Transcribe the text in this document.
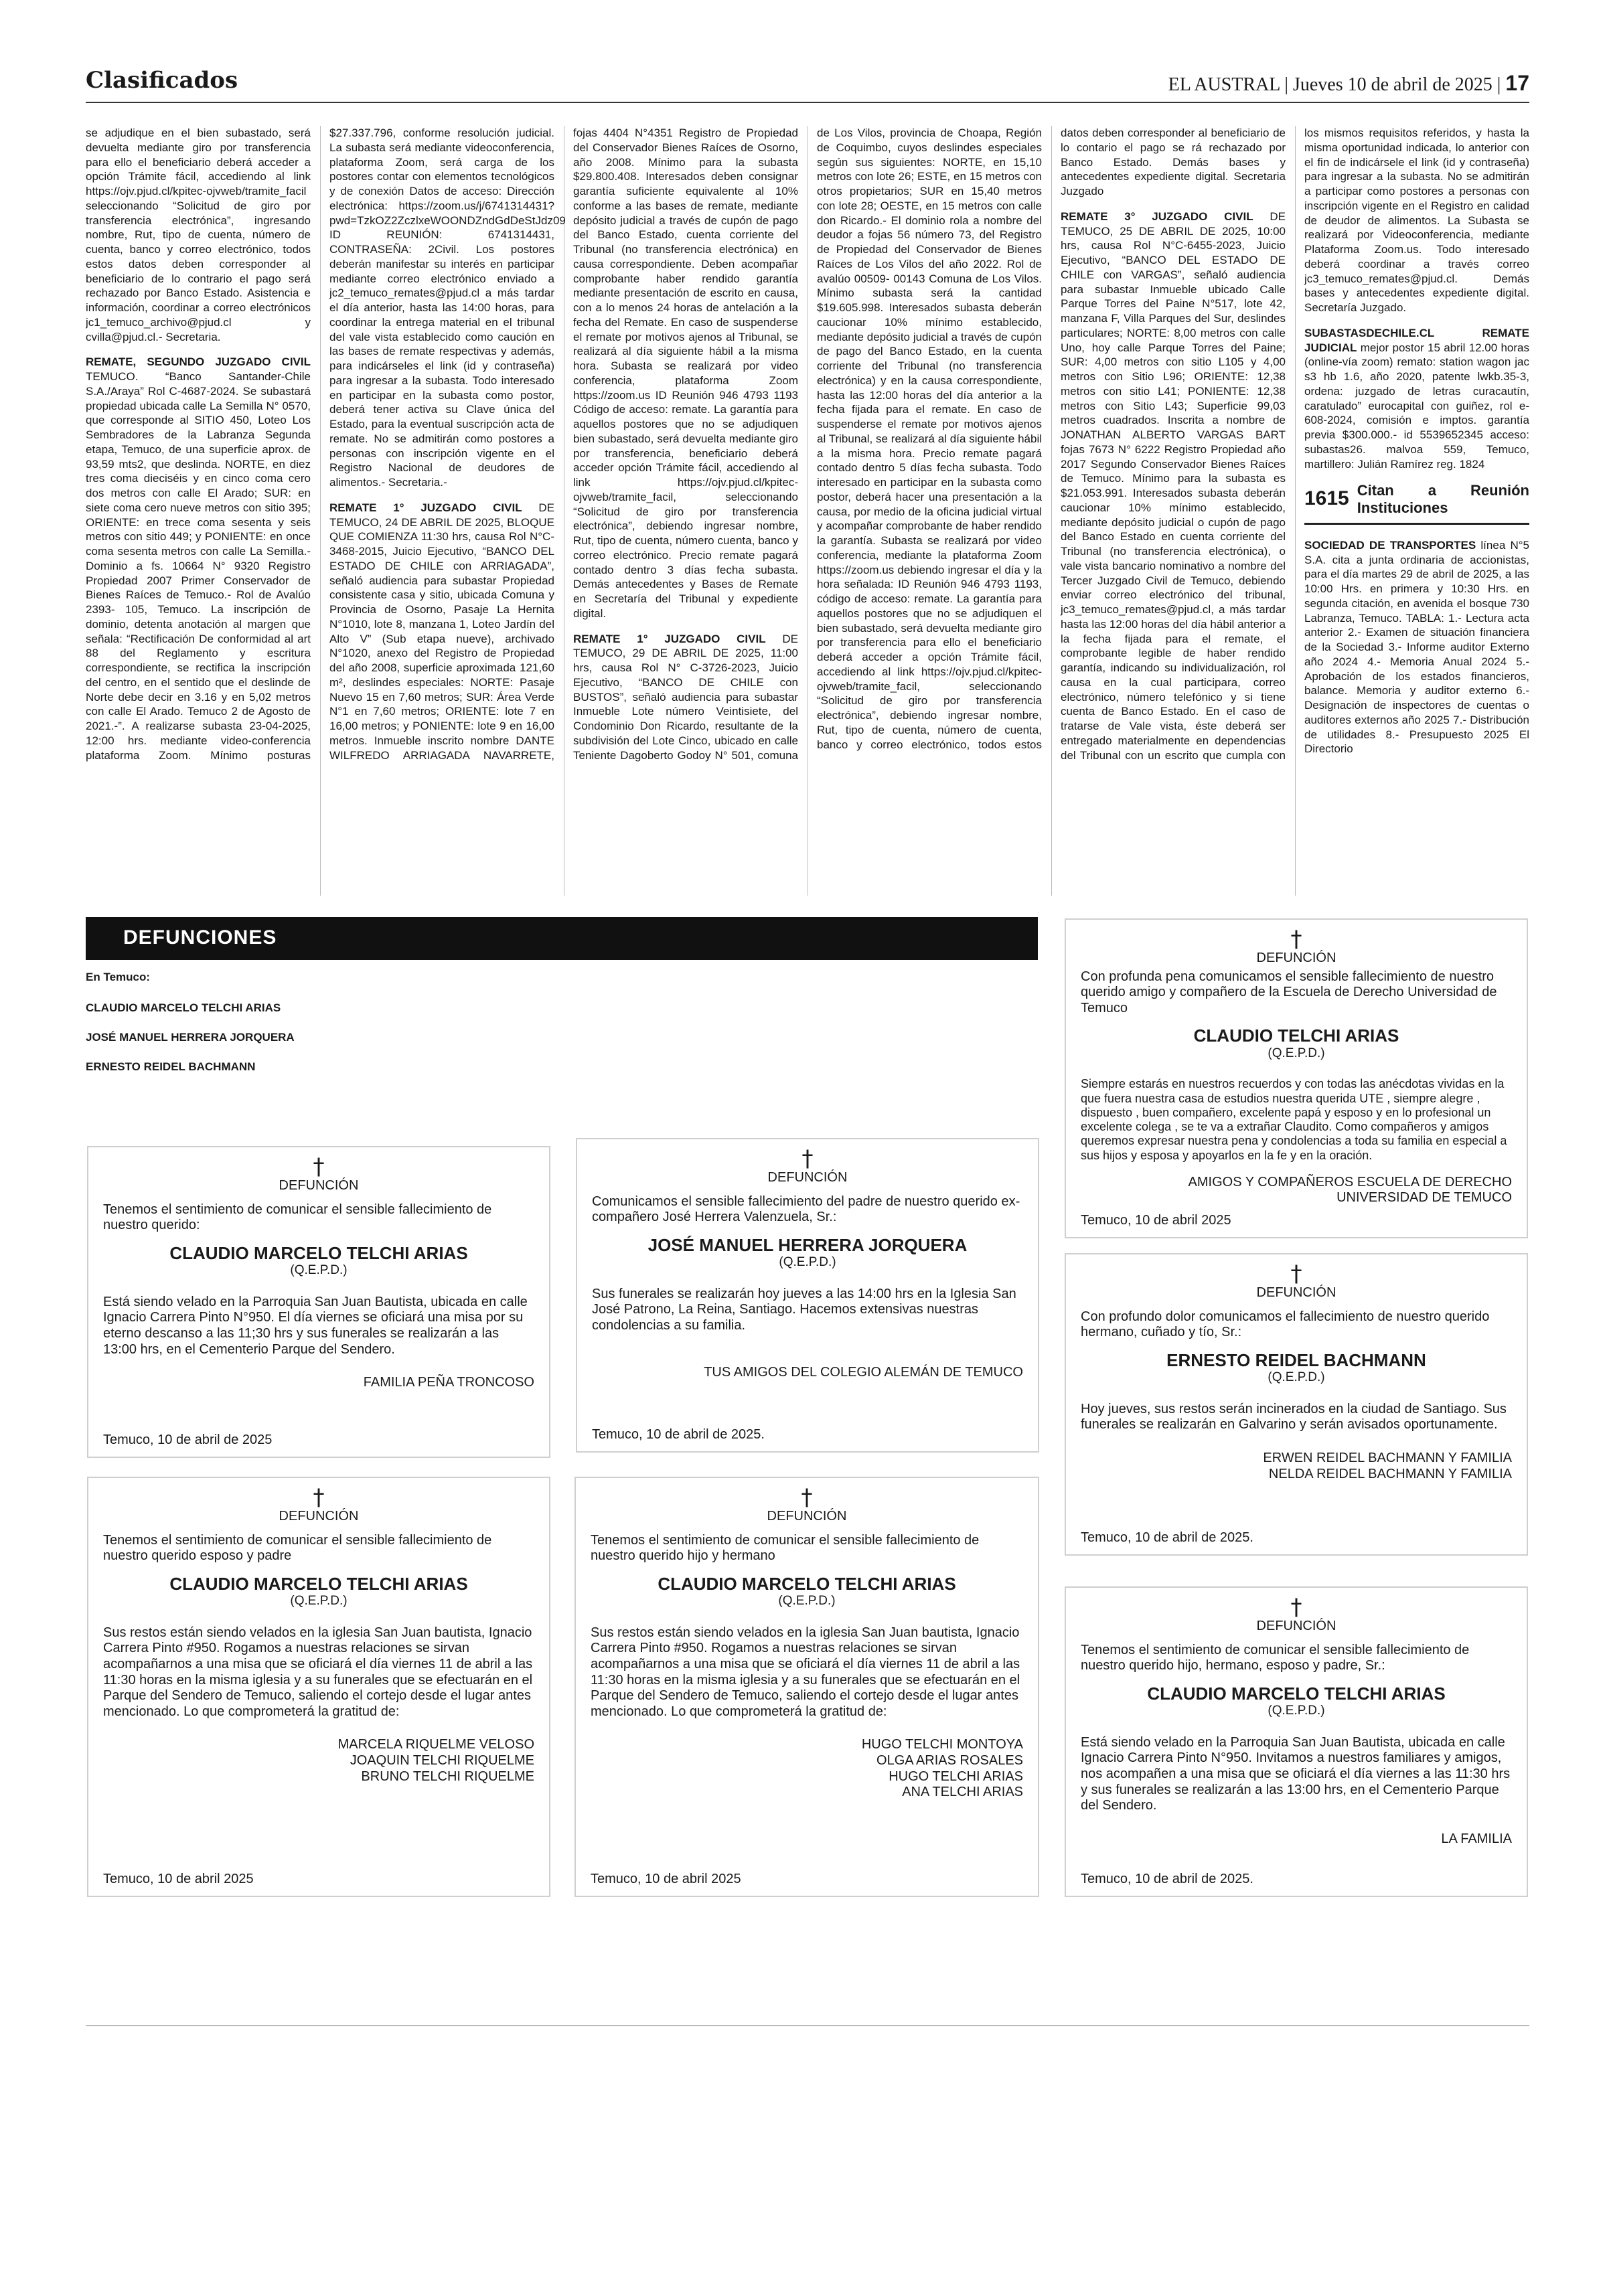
Clasificados	EL AUSTRAL | Jueves 10 de abril de 2025 | 17
se adjudique en el bien subastado, será devuelta mediante giro por transferencia para ello el beneficiario deberá acceder a opción Trámite fácil, accediendo al link https://ojv.pjud.cl/kpitec-ojvweb/tramite_facil seleccionando “Solicitud de giro por transferencia electrónica”, ingresando nombre, Rut, tipo de cuenta, número de cuenta, banco y correo electrónico, todos estos datos deben corresponder al beneficiario de lo contrario el pago será rechazado por Banco Estado. Asistencia e información, coordinar a correo electrónicos jc1_temuco_archivo@pjud.cl y cvilla@pjud.cl.- Secretaria.
REMATE, SEGUNDO JUZGADO CIVIL TEMUCO. “Banco Santander-Chile S.A./Araya” Rol C-4687-2024. Se subastará propiedad ubicada calle La Semilla N° 0570, que corresponde al SITIO 450, Loteo Los Sembradores de la Labranza Segunda etapa, Temuco, de una superficie aprox. de 93,59 mts2, que deslinda. NORTE, en diez tres coma dieciséis y en cinco coma cero dos metros con calle El Arado; SUR: en siete coma cero nueve metros con sitio 395; ORIENTE: en trece coma sesenta y seis metros con sitio 449; y PONIENTE: en once coma sesenta metros con calle La Semilla.- Dominio a fs. 10664 N° 9320 Registro Propiedad 2007 Primer Conservador de Bienes Raíces de Temuco.- Rol de Avalúo 2393- 105, Temuco. La inscripción de dominio, detenta anotación al margen que señala: “Rectificación De conformidad al art 88 del Reglamento y escritura correspondiente, se rectifica la inscripción del centro, en el sentido que el deslinde de Norte debe decir en 3.16 y en 5,02 metros con calle El Arado. Temuco 2 de Agosto de 2021.-”. A realizarse subasta 23-04-2025, 12:00 hrs. mediante video-conferencia plataforma Zoom. Mínimo posturas $27.337.796, conforme resolución judicial. La subasta será mediante videoconferencia, plataforma Zoom, será carga de los postores contar con elementos tecnológicos y de conexión Datos de acceso: Dirección electrónica: https://zoom.us/j/6741314431?pwd=TzkOZ2ZczlxeWOONDZndGdDeStJdz09 ID REUNIÓN: 6741314431, CONTRASEÑA: 2Civil. Los postores deberán manifestar su interés en participar mediante correo electrónico enviado a jc2_temuco_remates@pjud.cl a más tardar el día anterior, hasta las 14:00 horas, para coordinar la entrega material en el tribunal del vale vista establecido como caución en las bases de remate respectivas y además, para indicárseles el link (id y contraseña) para ingresar a la subasta. Todo interesado en participar en la subasta como postor, deberá tener activa su Clave única del Estado, para la eventual suscripción acta de remate. No se admitirán como postores a personas con inscripción vigente en el Registro Nacional de deudores de alimentos.- Secretaria.-
REMATE 1° JUZGADO CIVIL DE TEMUCO, 24 DE ABRIL DE 2025, BLOQUE QUE COMIENZA 11:30 hrs, causa Rol N°C-3468-2015, Juicio Ejecutivo, “BANCO DEL ESTADO DE CHILE con ARRIAGADA”, señaló audiencia para subastar Propiedad consistente casa y sitio, ubicada Comuna y Provincia de Osorno, Pasaje La Hernita N°1010, lote 8, manzana 1, Loteo Jardín del Alto V” (Sub etapa nueve), archivado N°1020, anexo del Registro de Propiedad del año 2008, superficie aproximada 121,60 m², deslindes especiales: NORTE: Pasaje Nuevo 15 en 7,60 metros; SUR: Área Verde N°1 en 7,60 metros; ORIENTE: lote 7 en 16,00 metros; y PONIENTE: lote 9 en 16,00 metros. Inmueble inscrito nombre DANTE WILFREDO ARRIAGADA NAVARRETE, fojas 4404 N°4351 Registro de Propiedad del Conservador Bienes Raíces de Osorno, año 2008. Mínimo para la subasta $29.800.408. Interesados deben consignar garantía suficiente equivalente al 10% conforme a las bases de remate, mediante depósito judicial a través de cupón de pago del Banco Estado, cuenta corriente del Tribunal (no transferencia electrónica) en causa correspondiente. Deben acompañar comprobante haber rendido garantía mediante presentación de escrito en causa, con a lo menos 24 horas de antelación a la fecha del Remate. En caso de suspenderse el remate por motivos ajenos al Tribunal, se realizará al día siguiente hábil a la misma hora. Subasta se realizará por video conferencia, plataforma Zoom https://zoom.us ID Reunión 946 4793 1193 Código de acceso: remate. La garantía para aquellos postores que no se adjudiquen bien subastado, será devuelta mediante giro por transferencia, beneficiario deberá acceder opción Trámite fácil, accediendo al link https://ojv.pjud.cl/kpitec-ojvweb/tramite_facil, seleccionando “Solicitud de giro por transferencia electrónica”, debiendo ingresar nombre, Rut, tipo de cuenta, número cuenta, banco y correo electrónico. Precio remate pagará contado dentro 3 días fecha subasta. Demás antecedentes y Bases de Remate en Secretaría del Tribunal y expediente digital.
REMATE 1° JUZGADO CIVIL DE TEMUCO, 29 DE ABRIL DE 2025, 11:00 hrs, causa Rol N° C-3726-2023, Juicio Ejecutivo, “BANCO DE CHILE con BUSTOS”, señaló audiencia para subastar Inmueble Lote número Veintisiete, del Condominio Don Ricardo, resultante de la subdivisión del Lote Cinco, ubicado en calle Teniente Dagoberto Godoy N° 501, comuna de Los Vilos, provincia de Choapa, Región de Coquimbo, cuyos deslindes especiales según sus siguientes: NORTE, en 15,10 metros con lote 26; ESTE, en 15 metros con otros propietarios; SUR en 15,40 metros con lote 28; OESTE, en 15 metros con calle don Ricardo.- El dominio rola a nombre del deudor a fojas 56 número 73, del Registro de Propiedad del Conservador de Bienes Raíces de Los Vilos del año 2022. Rol de avalúo 00509- 00143 Comuna de Los Vilos. Mínimo subasta será la cantidad $19.605.998. Interesados subasta deberán caucionar 10% mínimo establecido, mediante depósito judicial a través de cupón de pago del Banco Estado, en la cuenta corriente del Tribunal (no transferencia electrónica) y en la causa correspondiente, hasta las 12:00 horas del día anterior a la fecha fijada para el remate. En caso de suspenderse el remate por motivos ajenos al Tribunal, se realizará al día siguiente hábil a la misma hora. Precio remate pagará contado dentro 5 días fecha subasta. Todo interesado en participar en la subasta como postor, deberá hacer una presentación a la causa, por medio de la oficina judicial virtual y acompañar comprobante de haber rendido la garantía. Subasta se realizará por video conferencia, mediante la plataforma Zoom https://zoom.us debiendo ingresar el día y la hora señalada: ID Reunión 946 4793 1193, código de acceso: remate. La garantía para aquellos postores que no se adjudiquen el bien subastado, será devuelta mediante giro por transferencia para ello el beneficiario deberá acceder a opción Trámite fácil, accediendo al link https://ojv.pjud.cl/kpitec-ojvweb/tramite_facil, seleccionando “Solicitud de giro por transferencia electrónica”, debiendo ingresar nombre, Rut, tipo de cuenta, número de cuenta, banco y correo electrónico, todos estos datos deben corresponder al beneficiario de lo contario el pago se rá rechazado por Banco Estado. Demás bases y antecedentes expediente digital. Secretaria Juzgado
REMATE 3° JUZGADO CIVIL DE TEMUCO, 25 DE ABRIL DE 2025, 10:00 hrs, causa Rol N°C-6455-2023, Juicio Ejecutivo, “BANCO DEL ESTADO DE CHILE con VARGAS”, señaló audiencia para subastar Inmueble ubicado Calle Parque Torres del Paine N°517, lote 42, manzana F, Villa Parques del Sur, deslindes particulares; NORTE: 8,00 metros con calle Uno, hoy calle Parque Torres del Paine; SUR: 4,00 metros con sitio L105 y 4,00 metros con Sitio L96; ORIENTE: 12,38 metros con sitio L41; PONIENTE: 12,38 metros con Sitio L43; Superficie 99,03 metros cuadrados. Inscrita a nombre de JONATHAN ALBERTO VARGAS BART fojas 7673 N° 6222 Registro Propiedad año 2017 Segundo Conservador Bienes Raíces de Temuco. Mínimo para la subasta es $21.053.991. Interesados subasta deberán caucionar 10% mínimo establecido, mediante depósito judicial o cupón de pago del Banco Estado en cuenta corriente del Tribunal (no transferencia electrónica), o vale vista bancario nominativo a nombre del Tercer Juzgado Civil de Temuco, debiendo enviar correo electrónico del tribunal, jc3_temuco_remates@pjud.cl, a más tardar hasta las 12:00 horas del día hábil anterior a la fecha fijada para el remate, el comprobante legible de haber rendido garantía, indicando su individualización, rol causa en la cual participara, correo electrónico, número telefónico y si tiene cuenta de Banco Estado. En el caso de tratarse de Vale vista, éste deberá ser entregado materialmente en dependencias del Tribunal con un escrito que cumpla con los mismos requisitos referidos, y hasta la misma oportunidad indicada, lo anterior con el fin de indicársele el link (id y contraseña) para ingresar a la subasta. No se admitirán a participar como postores a personas con inscripción vigente en el Registro en calidad de deudor de alimentos. La Subasta se realizará por Videoconferencia, mediante Plataforma Zoom.us. Todo interesado deberá coordinar a través correo jc3_temuco_remates@pjud.cl. Demás bases y antecedentes expediente digital. Secretaría Juzgado.
SUBASTASDECHILE.CL REMATE JUDICIAL mejor postor 15 abril 12.00 horas (online-vía zoom) remato: station wagon jac s3 hb 1.6, año 2020, patente lwkb.35-3, ordena: juzgado de letras curacautín, caratulado” eurocapital con guiñez, rol e-608-2024, comisión e imptos. garantía previa $300.000.- id 5539652345 acceso: subastas26. malvoa 559, Temuco, martillero: Julián Ramírez reg. 1824
1615 Citan a Reunión Instituciones
SOCIEDAD DE TRANSPORTES línea N°5 S.A. cita a junta ordinaria de accionistas, para el día martes 29 de abril de 2025, a las 10:00 Hrs. en primera y 10:30 Hrs. en segunda citación, en avenida el bosque 730 Labranza, Temuco. TABLA: 1.- Lectura acta anterior 2.- Examen de situación financiera de la Sociedad 3.- Informe auditor Externo año 2024 4.- Memoria Anual 2024 5.- Aprobación de los estados financieros, balance. Memoria y auditor externo 6.- Designación de inspectores de cuentas o auditores externos año 2025 7.- Distribución de utilidades 8.- Presupuesto 2025 El Directorio
DEFUNCIONES
En Temuco:
CLAUDIO MARCELO TELCHI ARIAS
JOSÉ MANUEL HERRERA JORQUERA
ERNESTO REIDEL BACHMANN
†
DEFUNCIÓN

Con profunda pena comunicamos el sensible fallecimiento de nuestro querido amigo y compañero de la Escuela de Derecho Universidad de Temuco

CLAUDIO TELCHI ARIAS
(Q.E.P.D.)

Siempre estarás en nuestros recuerdos y con todas las anécdotas vividas en la que fuera nuestra casa de estudios nuestra querida UTE , siempre alegre , dispuesto , buen compañero, excelente papá y esposo y en lo profesional un excelente colega , se te va a extrañar Claudito. Como compañeros y amigos queremos expresar nuestra pena y condolencias a toda su familia en especial a sus hijos y esposa y apoyarlos en la fe y en la oración.

AMIGOS Y COMPAÑEROS ESCUELA DE DERECHO
UNIVERSIDAD DE TEMUCO
Temuco, 10 de abril 2025
†
DEFUNCIÓN

Tenemos el sentimiento de comunicar el sensible fallecimiento de nuestro querido:

CLAUDIO MARCELO TELCHI ARIAS
(Q.E.P.D.)

Está siendo velado en la Parroquia San Juan Bautista, ubicada en calle Ignacio Carrera Pinto N°950. El día viernes se oficiará una misa por su eterno descanso a las 11;30 hrs y sus funerales se realizarán a las 13:00 hrs, en el Cementerio Parque del Sendero.

FAMILIA PEÑA TRONCOSO
Temuco, 10 de abril de 2025
†
DEFUNCIÓN

Comunicamos el sensible fallecimiento del padre de nuestro querido ex-compañero José Herrera Valenzuela, Sr.:

JOSÉ MANUEL HERRERA JORQUERA
(Q.E.P.D.)

Sus funerales se realizarán hoy jueves a las 14:00 hrs en la Iglesia San José Patrono, La Reina, Santiago. Hacemos extensivas nuestras condolencias a su familia.

TUS AMIGOS DEL COLEGIO ALEMÁN DE TEMUCO
Temuco, 10 de abril de 2025.
†
DEFUNCIÓN

Con profundo dolor comunicamos el fallecimiento de nuestro querido hermano, cuñado y tío, Sr.:

ERNESTO REIDEL BACHMANN
(Q.E.P.D.)

Hoy jueves, sus restos serán incinerados en la ciudad de Santiago. Sus funerales se realizarán en Galvarino y serán avisados oportunamente.

ERWEN REIDEL BACHMANN Y FAMILIA
NELDA REIDEL BACHMANN Y FAMILIA
Temuco, 10 de abril de 2025.
†
DEFUNCIÓN

Tenemos el sentimiento de comunicar el sensible fallecimiento de nuestro querido esposo y padre

CLAUDIO MARCELO TELCHI ARIAS
(Q.E.P.D.)

Sus restos están siendo velados en la iglesia San Juan bautista, Ignacio Carrera Pinto #950. Rogamos a nuestras relaciones se sirvan acompañarnos a una misa que se oficiará el día viernes 11 de abril a las 11:30 horas en la misma iglesia y a su funerales que se efectuarán en el Parque del Sendero de Temuco, saliendo el cortejo desde el lugar antes mencionado. Lo que comprometerá la gratitud de:

MARCELA RIQUELME VELOSO
JOAQUIN TELCHI RIQUELME
BRUNO TELCHI RIQUELME
Temuco, 10 de abril 2025
†
DEFUNCIÓN

Tenemos el sentimiento de comunicar el sensible fallecimiento de nuestro querido hijo y hermano

CLAUDIO MARCELO TELCHI ARIAS
(Q.E.P.D.)

Sus restos están siendo velados en la iglesia San Juan bautista, Ignacio Carrera Pinto #950. Rogamos a nuestras relaciones se sirvan acompañarnos a una misa que se oficiará el día viernes 11 de abril a las 11:30 horas en la misma iglesia y a su funerales que se efectuarán en el Parque del Sendero de Temuco, saliendo el cortejo desde el lugar antes mencionado. Lo que comprometerá la gratitud de:

HUGO TELCHI MONTOYA
OLGA ARIAS ROSALES
HUGO TELCHI ARIAS
ANA TELCHI ARIAS
Temuco, 10 de abril 2025
†
DEFUNCIÓN

Tenemos el sentimiento de comunicar el sensible fallecimiento de nuestro querido hijo, hermano, esposo y padre, Sr.:

CLAUDIO MARCELO TELCHI ARIAS
(Q.E.P.D.)

Está siendo velado en la Parroquia San Juan Bautista, ubicada en calle Ignacio Carrera Pinto N°950. Invitamos a nuestros familiares y amigos, nos acompañen a una misa que se oficiará el día viernes a las 11:30 hrs y sus funerales se realizarán a las 13:00 hrs, en el Cementerio Parque del Sendero.

LA FAMILIA
Temuco, 10 de abril de 2025.
